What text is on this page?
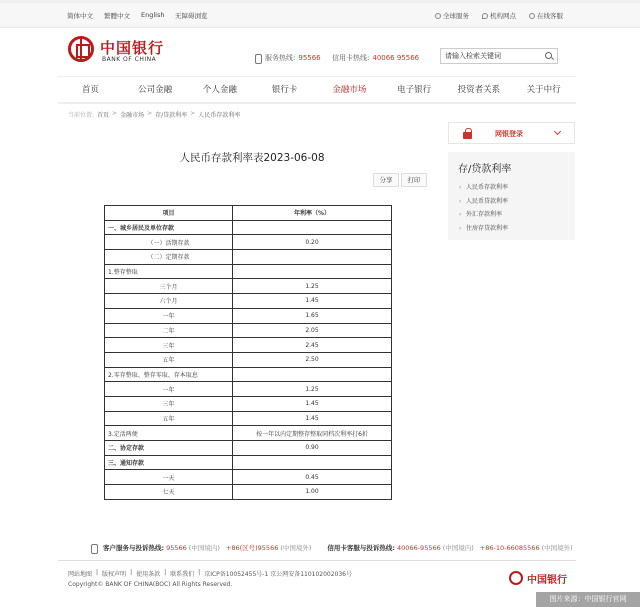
简体中文 繁體中文 English 无障碍浏览	全球服务	机构网点	在线客服
中国银行
BANK OF CHINA	服务热线: 95566 信用卡热线: 40066 95566	请输入检索关键词
首页	公司金融	个人金融	银行卡	金融市场	电子银行	投资者关系	关于中行
当前位置: 首页 > 金融市场 > 存/贷款利率 > 人民币存款利率
人民币存款利率表2023-06-08
分享	打印
项目	年利率（%）
一、城乡居民及单位存款	
（一）活期存款	0.20
（二）定期存款	
1.整存整取	
三个月	1.25
六个月	1.45
一年	1.65
二年	2.05
三年	2.45
五年	2.50
2.零存整取、整存零取、存本取息	
一年	1.25
三年	1.45
五年	1.45
3.定活两便	按一年以内定期整存整取同档次利率打6折
二、协定存款	0.90
三、通知存款	
一天	0.45
七天	1.00
网银登录
存/贷款利率
› 人民币存款利率
› 人民币贷款利率
› 外汇存款利率
› 住房存贷款利率
客户服务与投诉热线: 95566 (中国境内) +86(区号)95566 (中国境外) 信用卡客服与投诉热线: 40066-95566 (中国境内) +86-10-66085566 (中国境外)
网站地图 | 版权声明 | 使用条款 | 联系我们 | 京ICP备10052455号-1 京公网安备110102002036号
Copyright© BANK OF CHINA(BOC) All Rights Reserved.	中国银行
图片来源：中国银行官网
